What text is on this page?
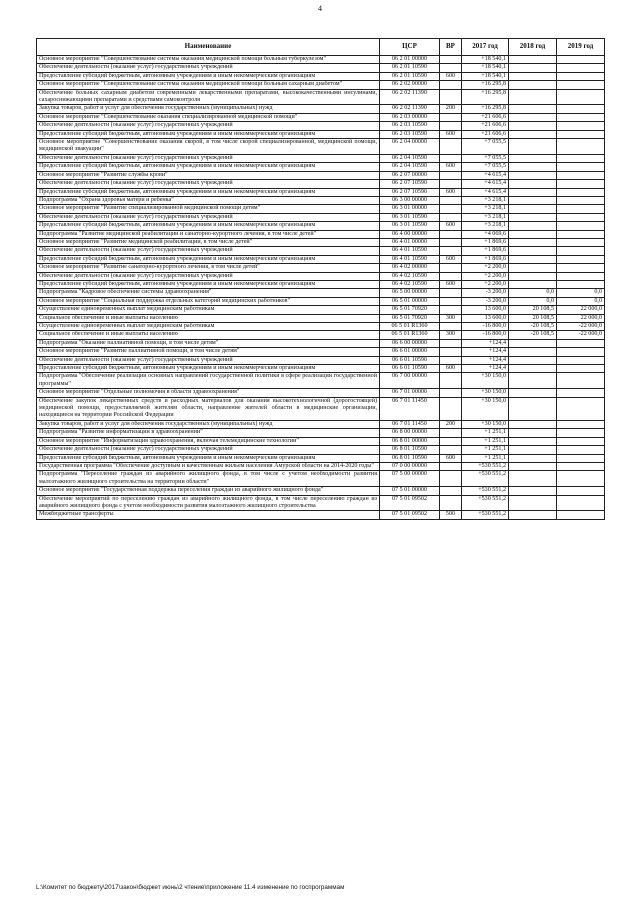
4
Наименование	ЦСР	ВР	2017 год	2018 год	2019 год
Основное мероприятие "Совершенствование системы оказания медицинской помощи больным туберкулезом"	06 2 01 00000		+18 540,1		
Обеспечение деятельности (оказание услуг) государственных учреждений	06 2 01 10590		+18 540,1		
Предоставление субсидий бюджетным, автономным учреждениям и иным некоммерческим организациям	06 2 01 10590	600	+18 540,1		
Основное мероприятие "Совершенствование системы оказания медицинской помощи больным сахарным диабетом"	06 2 02 00000		+16 295,8		
Обеспечение больных сахарным диабетом современными лекарственными препаратами, высококачественными инсулинами, сахароснижающими препаратами и средствами самоконтроля	06 2 02 11390		+16 295,8		
Закупка товаров, работ и услуг для обеспечения государственных (муниципальных) нужд	06 2 02 11390	200	+16 295,8		
Основное мероприятие "Совершенствование оказания специализированной медицинской помощи"	06 2 03 00000		+21 606,6		
Обеспечение деятельности (оказание услуг) государственных учреждений	06 2 03 10590		+21 606,6		
Предоставление субсидий бюджетным, автономным учреждениям и иным некоммерческим организациям	06 2 03 10590	600	+21 606,6		
Основное мероприятие "Совершенствование оказания скорой, в том числе скорой специализированной, медицинской помощи, медицинской эвакуации"	06 2 04 00000		+7 055,5		
Обеспечение деятельности (оказание услуг) государственных учреждений	06 2 04 10590		+7 055,5		
Предоставление субсидий бюджетным, автономным учреждениям и иным некоммерческим организациям	06 2 04 10590	600	+7 055,5		
Основное мероприятие "Развитие службы крови"	06 2 07 00000		+4 615,4		
Обеспечение деятельности (оказание услуг) государственных учреждений	06 2 07 10590		+4 615,4		
Предоставление субсидий бюджетным, автономным учреждениям и иным некоммерческим организациям	06 2 07 10590	600	+4 615,4		
Подпрограмма "Охрана здоровья матери и ребенка"	06 3 00 00000		+3 218,1		
Основное мероприятие "Развитие специализированной медицинской помощи детям"	06 3 01 00000		+3 218,1		
Обеспечение деятельности (оказание услуг) государственных учреждений	06 3 01 10590		+3 218,1		
Предоставление субсидий бюджетным, автономным учреждениям и иным некоммерческим организациям	06 3 01 10590	600	+3 218,1		
Подпрограмма "Развитие медицинской реабилитации и санаторно-курортного лечения, в том числе детей"	06 4 00 00000		+4 069,6		
Основное мероприятие "Развитие медицинской реабилитации, в том числе детей"	06 4 01 00000		+1 869,6		
Обеспечение деятельности (оказание услуг) государственных учреждений	06 4 01 10590		+1 869,6		
Предоставление субсидий бюджетным, автономным учреждениям и иным некоммерческим организациям	06 4 01 10590	600	+1 869,6		
Основное мероприятие "Развитие санаторно-курортного лечения, в том числе детей"	06 4 02 00000		+2 200,0		
Обеспечение деятельности (оказание услуг) государственных учреждений	06 4 02 10590		+2 200,0		
Предоставление субсидий бюджетным, автономным учреждениям и иным некоммерческим организациям	06 4 02 10590	600	+2 200,0		
Подпрограмма "Кадровое обеспечение системы здравоохранения"	06 5 00 00000		-3 200,0	0,0	0,0
Основное мероприятие "Социальная поддержка отдельных категорий медицинских работников"	06 5 01 00000		-3 200,0	0,0	0,0
Осуществление единовременных выплат медицинским работникам	06 5 01 70920		13 600,0	20 108,5	22 000,0
Социальное обеспечение и иные выплаты населению	06 5 01 70920	300	13 600,0	20 108,5	22 000,0
Осуществление единовременных выплат медицинским работникам	06 5 01 R1360		-16 800,0	-20 108,5	-22 000,0
Социальное обеспечение и иные выплаты населению	06 5 01 R1360	300	-16 800,0	-20 108,5	-22 000,0
Подпрограмма "Оказание паллиативной помощи, в том числе детям"	06 6 00 00000		+124,4		
Основное мероприятие "Развитие паллиативной помощи, в том числе детям"	06 6 01 00000		+124,4		
Обеспечение деятельности (оказание услуг) государственных учреждений	06 6 01 10590		+124,4		
Предоставление субсидий бюджетным, автономным учреждениям и иным некоммерческим организациям	06 6 01 10590	600	+124,4		
Подпрограмма "Обеспечение реализации основных направлений государственной политики в сфере реализации государственной программы"	06 7 00 00000		+30 150,0		
Основное мероприятие "Отдельные полномочия в области здравоохранения"	06 7 01 00000		+30 150,0		
Обеспечение закупок лекарственных средств и расходных материалов для оказания высокотехнологичной (дорогостоящей) медицинской помощи, предоставляемой жителям области, направление жителей области в медицинские организации, находящиеся на территории Российской Федерации	06 7 01 11450		+30 150,0		
Закупка товаров, работ и услуг для обеспечения государственных (муниципальных) нужд	06 7 01 11450	200	+30 150,0		
Подпрограмма "Развитие информатизации в здравоохранении"	06 8 00 00000		+1 251,1		
Основное мероприятие "Информатизация здравоохранения, включая телемедицинские технологии"	06 8 01 00000		+1 251,1		
Обеспечение деятельности (оказание услуг) государственных учреждений	06 8 01 10590		+1 251,1		
Предоставление субсидий бюджетным, автономным учреждениям и иным некоммерческим организациям	06 8 01 10590	600	+1 251,1		
Государственная программа "Обеспечение доступным и качественным жильем населения Амурской области на 2014-2020 годы"	07 0 00 00000		+530 551,2		
Подпрограмма "Переселение граждан из аварийного жилищного фонда, в том числе с учетом необходимости развития малоэтажного жилищного строительства на территории области"	07 5 00 00000		+530 551,2		
Основное мероприятие "Государственная поддержка переселения граждан из аварийного жилищного фонда"	07 5 01 00000		+530 551,2		
Обеспечение мероприятий по переселению граждан из аварийного жилищного фонда, в том числе переселению граждан из аварийного жилищного фонда с учетом необходимости развития малоэтажного жилищного строительства	07 5 01 09502		+530 551,2		
Межбюджетные трансферты	07 5 01 09502	500	+530 551,2		
L:\Комитет по бюджету\2017\закон\бюджет июнь\2 чтение\приложение 11.4 изменение по госпрограммам
